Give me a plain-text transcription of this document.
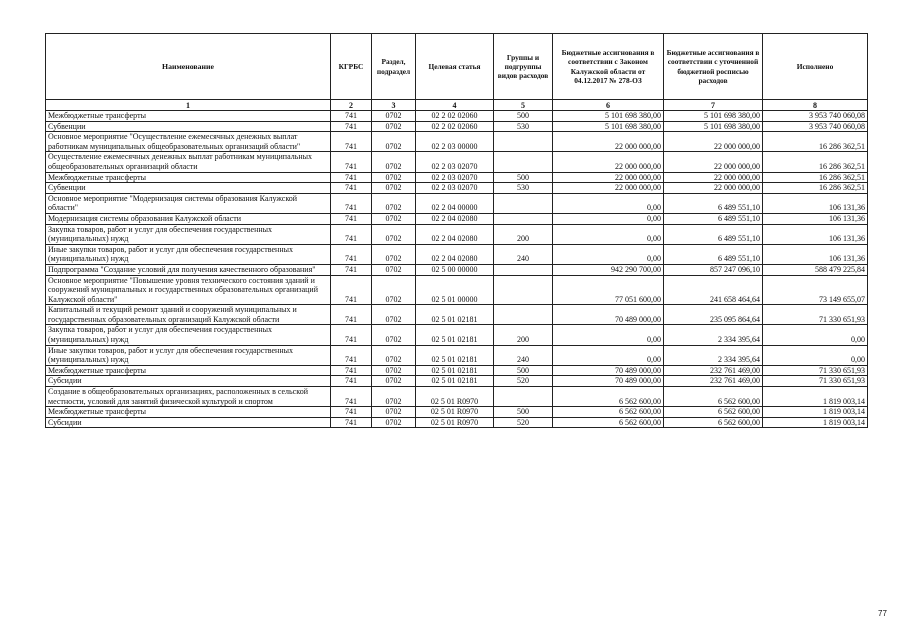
Наименование	КГРБС	Раздел, подраздел	Целевая статья	Группы и подгруппы видов расходов	Бюджетные ассигнования в соответствии с Законом Калужской области от 04.12.2017 № 278-ОЗ	Бюджетные ассигнования в соответствии с уточненной бюджетной росписью расходов	Исполнено
1	2	3	4	5	6	7	8
Межбюджетные трансферты	741	0702	02 2 02 02060	500	5 101 698 380,00	5 101 698 380,00	3 953 740 060,08
Субвенции	741	0702	02 2 02 02060	530	5 101 698 380,00	5 101 698 380,00	3 953 740 060,08
Основное мероприятие "Осуществление ежемесячных денежных выплат работникам муниципальных общеобразовательных организаций области"	741	0702	02 2 03 00000		22 000 000,00	22 000 000,00	16 286 362,51
Осуществление ежемесячных денежных выплат работникам муниципальных общеобразовательных организаций области	741	0702	02 2 03 02070		22 000 000,00	22 000 000,00	16 286 362,51
Межбюджетные трансферты	741	0702	02 2 03 02070	500	22 000 000,00	22 000 000,00	16 286 362,51
Субвенции	741	0702	02 2 03 02070	530	22 000 000,00	22 000 000,00	16 286 362,51
Основное мероприятие "Модернизация системы образования Калужской области"	741	0702	02 2 04 00000		0,00	6 489 551,10	106 131,36
Модернизация системы образования Калужской области	741	0702	02 2 04 02080		0,00	6 489 551,10	106 131,36
Закупка товаров, работ и услуг для обеспечения государственных (муниципальных) нужд	741	0702	02 2 04 02080	200	0,00	6 489 551,10	106 131,36
Иные закупки товаров, работ и услуг для обеспечения государственных (муниципальных) нужд	741	0702	02 2 04 02080	240	0,00	6 489 551,10	106 131,36
Подпрограмма "Создание условий для получения качественного образования"	741	0702	02 5 00 00000		942 290 700,00	857 247 096,10	588 479 225,84
Основное мероприятие "Повышение уровня технического состояния зданий и сооружений муниципальных и государственных образовательных организаций Калужской области"	741	0702	02 5 01 00000		77 051 600,00	241 658 464,64	73 149 655,07
Капитальный и текущий ремонт зданий и сооружений муниципальных и государственных образовательных организаций Калужской области	741	0702	02 5 01 02181		70 489 000,00	235 095 864,64	71 330 651,93
Закупка товаров, работ и услуг для обеспечения государственных (муниципальных) нужд	741	0702	02 5 01 02181	200	0,00	2 334 395,64	0,00
Иные закупки товаров, работ и услуг для обеспечения государственных (муниципальных) нужд	741	0702	02 5 01 02181	240	0,00	2 334 395,64	0,00
Межбюджетные трансферты	741	0702	02 5 01 02181	500	70 489 000,00	232 761 469,00	71 330 651,93
Субсидии	741	0702	02 5 01 02181	520	70 489 000,00	232 761 469,00	71 330 651,93
Создание в общеобразовательных организациях, расположенных в сельской местности, условий для занятий физической культурой и спортом	741	0702	02 5 01 R0970		6 562 600,00	6 562 600,00	1 819 003,14
Межбюджетные трансферты	741	0702	02 5 01 R0970	500	6 562 600,00	6 562 600,00	1 819 003,14
Субсидии	741	0702	02 5 01 R0970	520	6 562 600,00	6 562 600,00	1 819 003,14
77
